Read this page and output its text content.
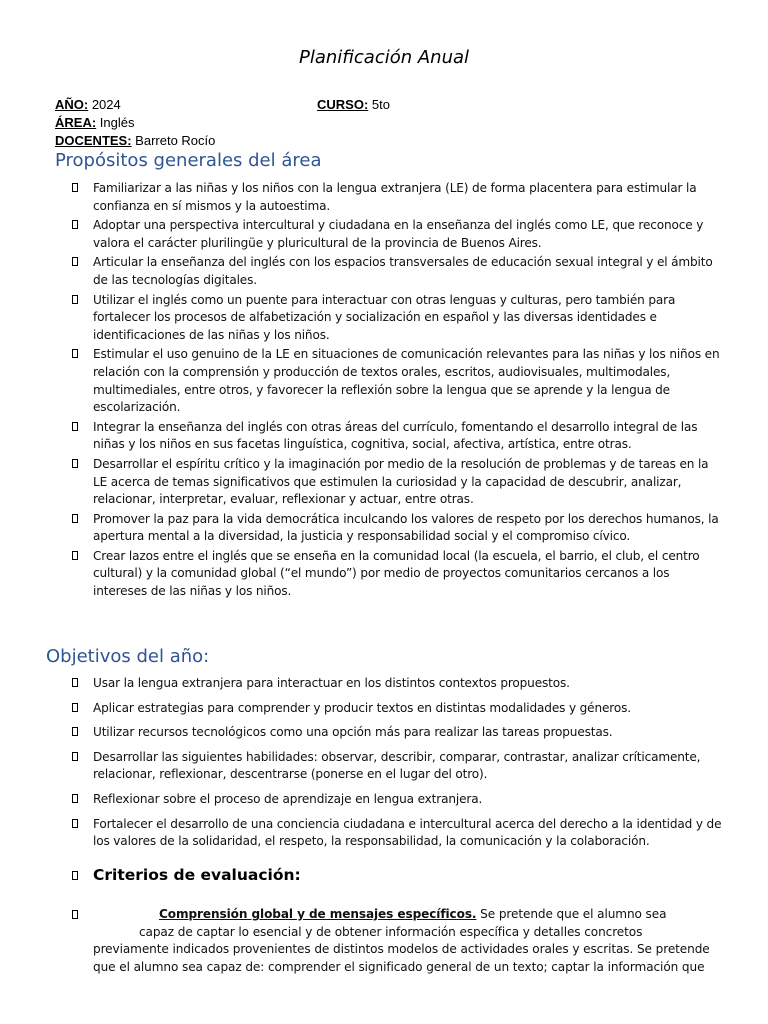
Planificación Anual
AÑO: 2024	CURSO: 5to
ÁREA: Inglés
DOCENTES: Barreto Rocío
Propósitos generales del área
Familiarizar a las niñas y los niños con la lengua extranjera (LE) de forma placentera para estimular la confianza en sí mismos y la autoestima.
Adoptar una perspectiva intercultural y ciudadana en la enseñanza del inglés como LE, que reconoce y valora el carácter plurilingüe y pluricultural de la provincia de Buenos Aires.
Articular la enseñanza del inglés con los espacios transversales de educación sexual integral y el ámbito de las tecnologías digitales.
Utilizar el inglés como un puente para interactuar con otras lenguas y culturas, pero también para fortalecer los procesos de alfabetización y socialización en español y las diversas identidades e identificaciones de las niñas y los niños.
Estimular el uso genuino de la LE en situaciones de comunicación relevantes para las niñas y los niños en relación con la comprensión y producción de textos orales, escritos, audiovisuales, multimodales, multimediales, entre otros, y favorecer la reflexión sobre la lengua que se aprende y la lengua de escolarización.
Integrar la enseñanza del inglés con otras áreas del currículo, fomentando el desarrollo integral de las niñas y los niños en sus facetas linguística, cognitiva, social, afectiva, artística, entre otras.
Desarrollar el espíritu crítico y la imaginación por medio de la resolución de problemas y de tareas en la LE acerca de temas significativos que estimulen la curiosidad y la capacidad de descubrir, analizar, relacionar, interpretar, evaluar, reflexionar y actuar, entre otras.
Promover la paz para la vida democrática inculcando los valores de respeto por los derechos humanos, la apertura mental a la diversidad, la justicia y responsabilidad social y el compromiso cívico.
Crear lazos entre el inglés que se enseña en la comunidad local (la escuela, el barrio, el club, el centro cultural) y la comunidad global (“el mundo”) por medio de proyectos comunitarios cercanos a los intereses de las niñas y los niños.
Objetivos del año:
Usar la lengua extranjera para interactuar en los distintos contextos propuestos.
Aplicar estrategias para comprender y producir textos en distintas modalidades y géneros.
Utilizar recursos tecnológicos como una opción más para realizar las tareas propuestas.
Desarrollar las siguientes habilidades: observar, describir, comparar, contrastar, analizar críticamente, relacionar, reflexionar, descentrarse (ponerse en el lugar del otro).
Reflexionar sobre el proceso de aprendizaje en lengua extranjera.
Fortalecer el desarrollo de una conciencia ciudadana e intercultural acerca del derecho a la identidad y de los valores de la solidaridad, el respeto, la responsabilidad, la comunicación y la colaboración.
Criterios de evaluación:
Comprensión global y de mensajes específicos. Se pretende que el alumno sea
capaz de captar lo esencial y de obtener información específica y detalles concretos
previamente indicados provenientes de distintos modelos de actividades orales y escritas. Se pretende que el alumno sea capaz de: comprender el significado general de un texto; captar la información que
